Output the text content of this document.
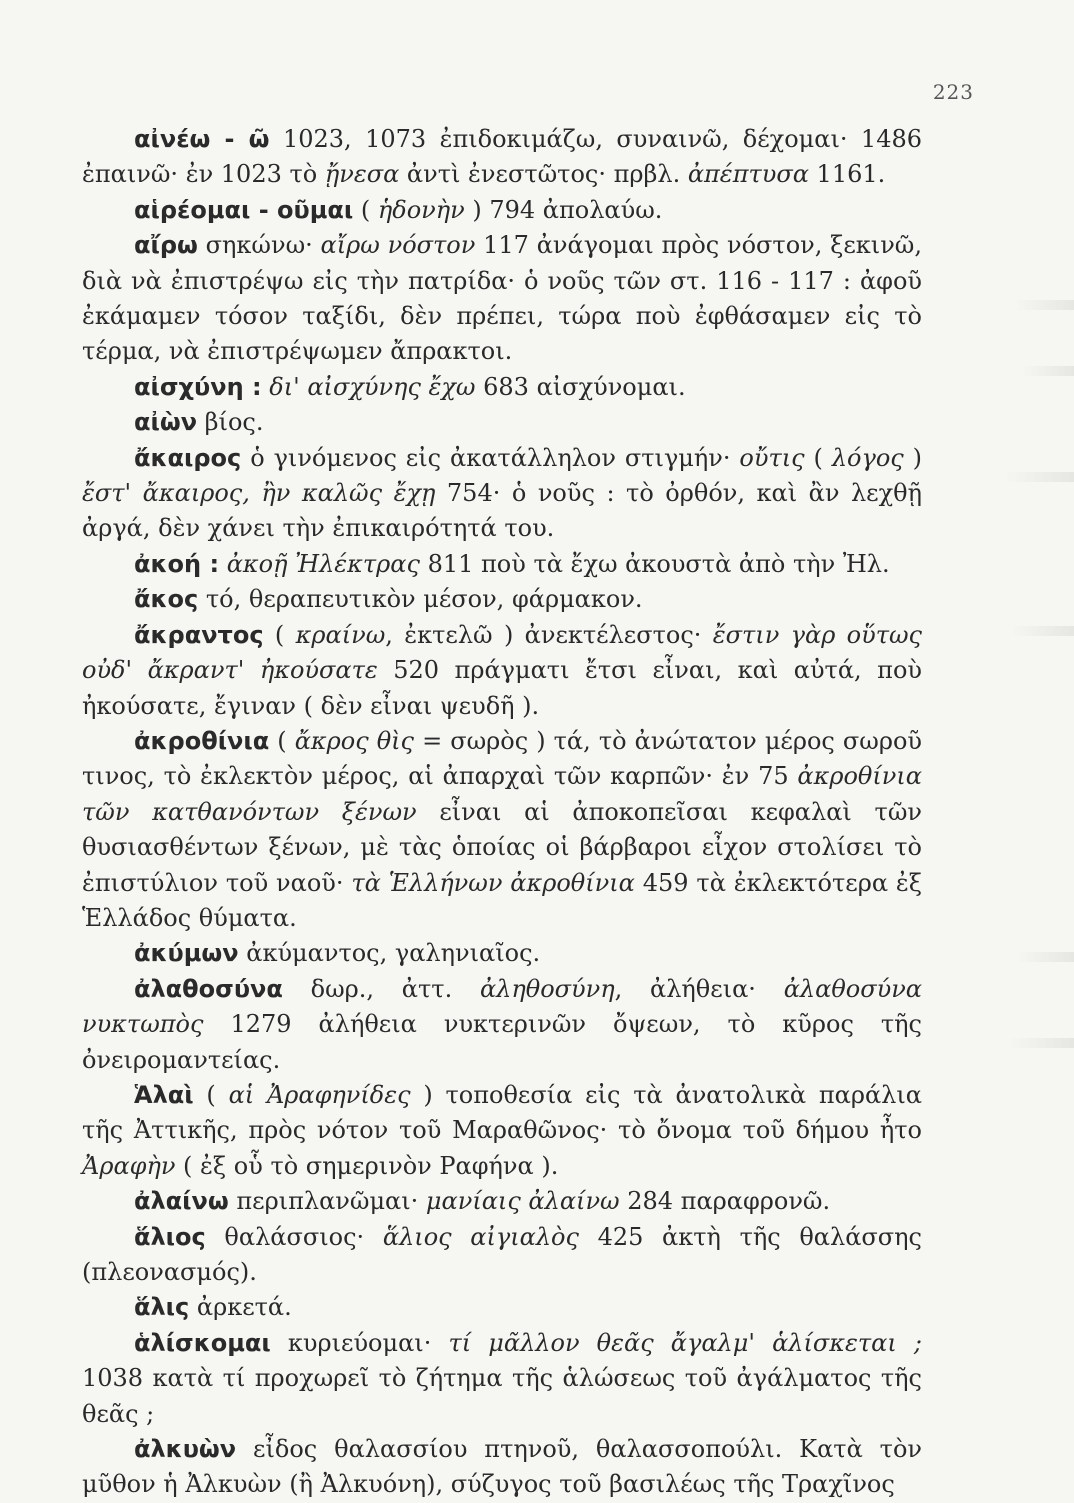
223

αἰνέω - ῶ 1023, 1073 ἐπιδοκιμάζω, συναινῶ, δέχομαι· 1486 ἐπαινῶ· ἐν 1023 τὸ ᾔνεσα ἀντὶ ἐνεστῶτος· πρβλ. ἀπέπτυσα 1161.

αἱρέομαι - οῦμαι ( ἡδονὴν ) 794 ἀπολαύω.

αἴρω σηκώνω· αἴρω νόστον 117 ἀνάγομαι πρὸς νόστον, ξεκινῶ, διὰ νὰ ἐπιστρέψω εἰς τὴν πατρίδα· ὁ νοῦς τῶν στ. 116 - 117 : ἀφοῦ ἐκάμαμεν τόσον ταξίδι, δὲν πρέπει, τώρα ποὺ ἐφθάσαμεν εἰς τὸ τέρμα, νὰ ἐπιστρέψωμεν ἄπρακτοι.

αἰσχύνη : δι' αἰσχύνης ἔχω 683 αἰσχύνομαι.

αἰὼν βίος.

ἄκαιρος ὁ γινόμενος εἰς ἀκατάλληλον στιγμήν· οὔτις ( λόγος ) ἔστ' ἄκαιρος, ἢν καλῶς ἔχῃ 754· ὁ νοῦς : τὸ ὀρθόν, καὶ ἂν λεχθῇ ἀργά, δὲν χάνει τὴν ἐπικαιρότητά του.

ἀκοή : ἀκοῇ Ἠλέκτρας 811 ποὺ τὰ ἔχω ἀκουστὰ ἀπὸ τὴν Ἠλ.

ἄκος τό, θεραπευτικὸν μέσον, φάρμακον.

ἄκραντος ( κραίνω, ἐκτελῶ ) ἀνεκτέλεστος· ἔστιν γὰρ οὕτως οὐδ' ἄκραντ' ἠκούσατε 520 πράγματι ἔτσι εἶναι, καὶ αὐτά, ποὺ ἠκούσατε, ἔγιναν ( δὲν εἶναι ψευδῆ ).

ἀκροθίνια ( ἄκρος θὶς = σωρὸς ) τά, τὸ ἀνώτατον μέρος σωροῦ τινος, τὸ ἐκλεκτὸν μέρος, αἱ ἀπαρχαὶ τῶν καρπῶν· ἐν 75 ἀκροθίνια τῶν κατθανόντων ξένων εἶναι αἱ ἀποκοπεῖσαι κεφαλαὶ τῶν θυσιασθέντων ξένων, μὲ τὰς ὁποίας οἱ βάρβαροι εἶχον στολίσει τὸ ἐπιστύλιον τοῦ ναοῦ· τὰ Ἑλλήνων ἀκροθίνια 459 τὰ ἐκλεκτότερα ἐξ Ἑλλάδος θύματα.

ἀκύμων ἀκύμαντος, γαληνιαῖος.

ἀλαθοσύνα δωρ., ἀττ. ἀληθοσύνη, ἀλήθεια· ἀλαθοσύνα νυκτωπὸς 1279 ἀλήθεια νυκτερινῶν ὄψεων, τὸ κῦρος τῆς ὀνειρομαντείας.

Ἁλαὶ ( αἱ Ἀραφηνίδες ) τοποθεσία εἰς τὰ ἀνατολικὰ παράλια τῆς Ἀττικῆς, πρὸς νότον τοῦ Μαραθῶνος· τὸ ὄνομα τοῦ δήμου ἦτο Ἀραφὴν ( ἐξ οὗ τὸ σημερινὸν Ραφήνα ).

ἀλαίνω περιπλανῶμαι· μανίαις ἀλαίνω 284 παραφρονῶ.

ἅλιος θαλάσσιος· ἅλιος αἰγιαλὸς 425 ἀκτὴ τῆς θαλάσσης (πλεονασμός).

ἅλις ἀρκετά.

ἁλίσκομαι κυριεύομαι· τί μᾶλλον θεᾶς ἄγαλμ' ἁλίσκεται ; 1038 κατὰ τί προχωρεῖ τὸ ζήτημα τῆς ἁλώσεως τοῦ ἀγάλματος τῆς θεᾶς ;

ἀλκυὼν εἶδος θαλασσίου πτηνοῦ, θαλασσοπούλι. Κατὰ τὸν μῦθον ἡ Ἀλκυὼν (ἢ Ἀλκυόνη), σύζυγος τοῦ βασιλέως τῆς Τραχῖνος
